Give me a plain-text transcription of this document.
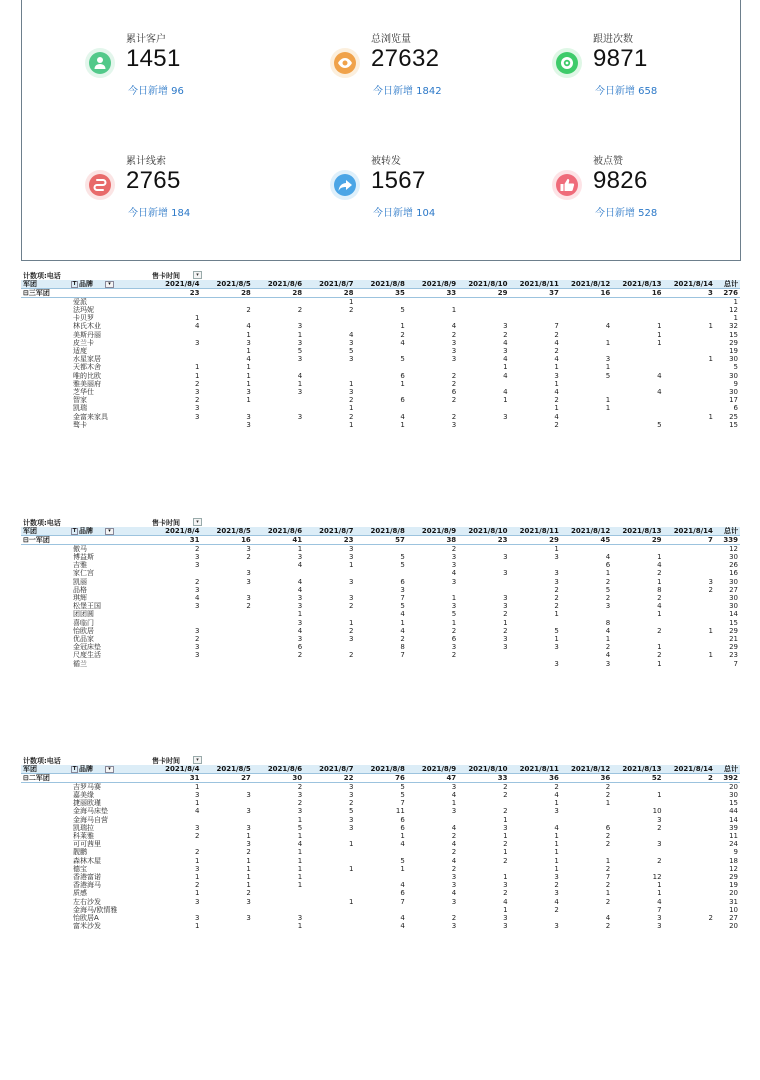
累计客户
1451
今日新增 96
总浏览量
27632
今日新增 1842
跟进次数
9871
今日新增 658
累计线索
2765
今日新增 184
被转发
1567
今日新增 104
被点赞
9826
今日新增 528
计数项:电话	售卡时间	▾
军团	T 品牌 ▾	2021/8/4	2021/8/5	2021/8/6	2021/8/7	2021/8/8	2021/8/9	2021/8/10	2021/8/11	2021/8/12	2021/8/13	2021/8/14	总计
⊟三军团		23	28	28	28	35	33	29	37	16	16	3	276
	爱派				1								1
	法玛妮		2	2	2	5	1						12
	卡贝罗	1											1
	林氏木业	4	4	3		1	4	3	7	4	1	1	32
	美斯丹丽		1	1	4	2	2	2	2		1		15
	皮兰卡	3	3	3	3	4	3	4	4	1	1		29
	适度		1	5	5		3	3	2				19
	水星家居		4	3	3	5	3	4	4	3		1	30
	天都木舍	1	1					1	1	1			5
	唯的比欧	1	1	4		6	2	4	3	5	4		30
	雅美丽府	2	1	1	1	1	2		1				9
	芝华仕	3	3	3	3		6	4	4		4		30
	智家	2	1		2	6	2	1	2	1			17
	凯瑞	3			1				1	1			6
	金富来家具	3	3	3	2	4	2	3	4			1	25
	骜卡		3		1	1	3		2		5		15
计数项:电话	售卡时间	▾
军团	T 品牌 ▾	2021/8/4	2021/8/5	2021/8/6	2021/8/7	2021/8/8	2021/8/9	2021/8/10	2021/8/11	2021/8/12	2021/8/13	2021/8/14	总计
⊟一军团		31	16	41	23	57	38	23	29	45	29	7	339
	傲马	2	3	1	3		2		1				12
	博益斯	3	2	3	3	5	3	3	3	4	1		30
	吉雅	3		4	1	5	3			6	4		26
	家仁宫		3				4	3	3	1	2		16
	凯丽	2	3	4	3	6	3		3	2	1	3	30
	品格	3		4		3			2	5	8	2	27
	琪辉	4	3	3	3	7	1	3	2	2	2		30
	松堡王国	3	2	3	2	5	3	3	2	3	4		30
	团团圆			1		4	5	2	1		1		14
	喜临门			3	1	1	1	1		8			15
	怡欧居	3		4	2	4	2	2	5	4	2	1	29
	优品家	2		3	3	2	6	3	1	1			21
	金冠床垫	3		6		8	3	3	3	2	1		29
	尺度生活	3		2	2	7	2			4	2	1	23
	循兰								3	3	1		7
计数项:电话	售卡时间	▾
军团	T 品牌 ▾	2021/8/4	2021/8/5	2021/8/6	2021/8/7	2021/8/8	2021/8/9	2021/8/10	2021/8/11	2021/8/12	2021/8/13	2021/8/14	总计
⊟二军团		31	27	30	22	76	47	33	36	36	52	2	392
	吉罗马赛	1		2	3	5	3	2	2	2			20
	嘉美缘	3	3	3	3	5	4	2	4	2	1		30
	捷丽欧瑾	1		2	2	7	1		1	1			15
	金海马床垫	4	3	3	5	11	3	2	3		10		44
	金海马自营			1	3	6		1			3		14
	凯瑞拉	3	3	5	3	6	4	3	4	6	2		39
	科莱雅	2	1	1		1	2	1	1	2			11
	可可茜里		3	4	1	4	4	2	1	2	3		24
	靓鹏	2	2	1			2	1	1				9
	森林木屋	1	1	1		5	4	2	1	1	2		18
	德宝	3	1	1	1	1	2		1	2			12
	香港富诺	1	1	1			3	1	3	7	12		29
	香港海马	2	1	1		4	3	3	2	2	1		19
	质感	1	2			6	4	2	3	1	1		20
	左右沙发	3	3		1	7	3	4	4	2	4		31
	金海马/欧情雅							1	2		7		10
	怡欧居A	3	3	3		4	2	3		4	3	2	27
	富米沙发	1		1		4	3	3	3	2	3		20
